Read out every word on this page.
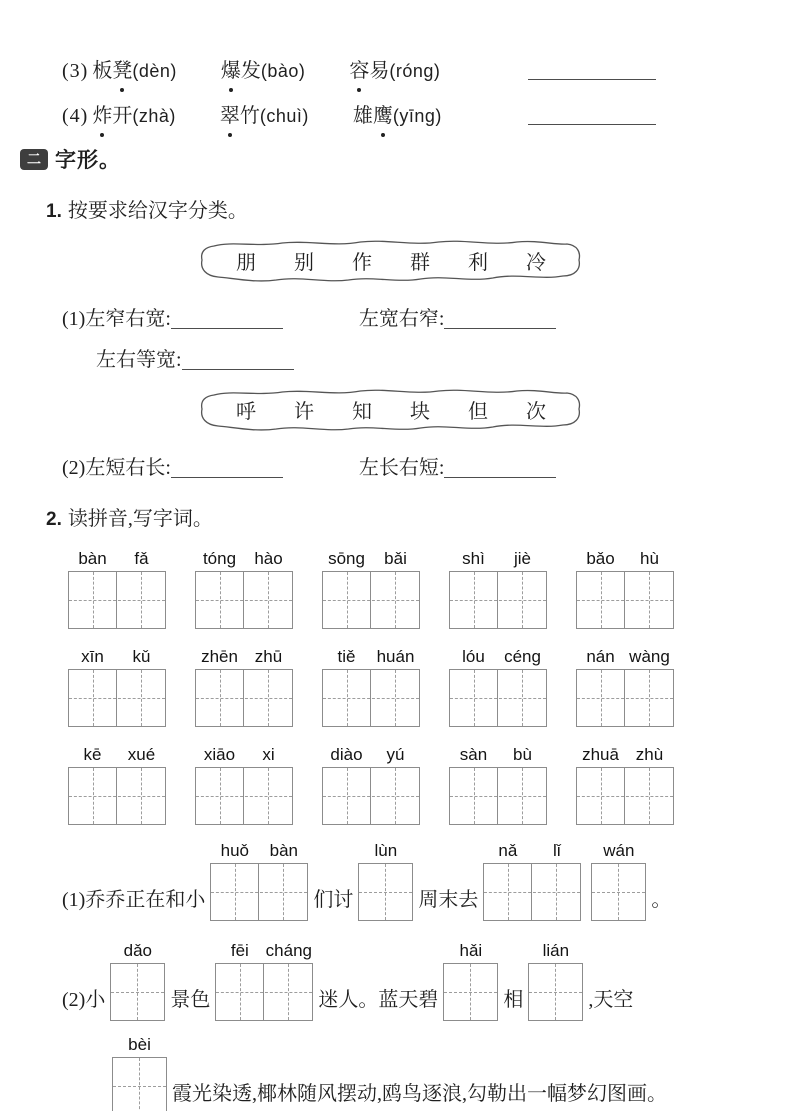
(3) 板凳(dèn) 爆发(bào) 容易(róng)
(4) 炸开(zhà) 翠竹(chuì) 雄鹰(yīng)
二 字形。
1. 按要求给汉字分类。
朋 别 作 群 利 冷
(1)左窄右宽:	左宽右窄:
左右等宽:
呼 许 知 块 但 次
(2)左短右长:	左长右短:
2. 读拼音,写字词。
bàn	fǎ	tóng	hào	sōng	bǎi	shì	jiè	bǎo	hù
xīn	kǔ	zhēn zhū	tiě	huán	lóu	céng	nán wàng
kē	xué	xiāo	xi	diào	yú	sàn	bù	zhuā zhù
(1)乔乔正在和小
huǒ	bàn
们讨
lùn
周末去
nǎ	lǐ	wán
。
(2)小
dǎo
景色
fēi cháng
迷人。蓝天碧
hǎi
相
lián
,天空
bèi
霞光染透,椰林随风摆动,鸥鸟逐浪,勾勒出一幅梦幻图画。
